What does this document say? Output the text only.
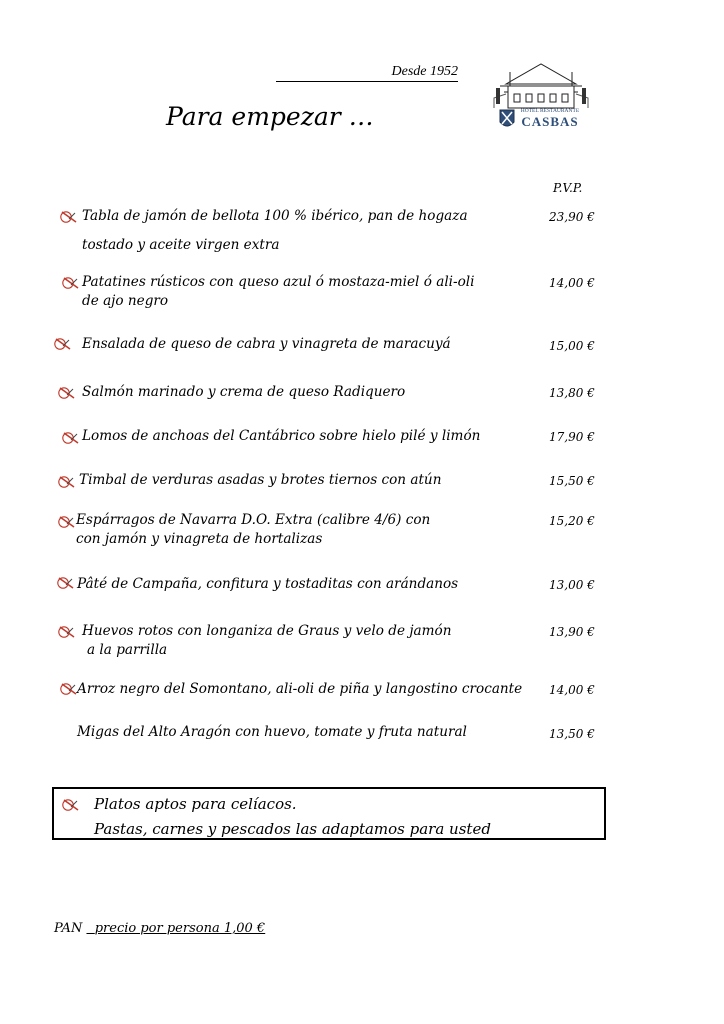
Desde 1952
Para empezar …	HOTEL RESTAURANTE
CASBAS
P.V.P.
Tabla de jamón de bellota 100 % ibérico, pan de hogaza
tostado y aceite virgen extra
23,90 €
Patatines rústicos con queso azul ó mostaza-miel ó ali-oli
de ajo negro
14,00 €
Ensalada de queso de cabra y vinagreta de maracuyá	15,00 €
Salmón marinado y crema de queso Radiquero	13,80 €
Lomos de anchoas del Cantábrico sobre hielo pilé y limón	17,90 €
Timbal de verduras asadas y brotes tiernos con atún	15,50 €
Espárragos de Navarra D.O. Extra (calibre 4/6) con
con jamón y vinagreta de hortalizas
15,20 €
Pâté de Campaña, confitura y tostaditas con arándanos	13,00 €
Huevos rotos con longaniza de Graus y velo de jamón
a la parrilla
13,90 €
Arroz negro del Somontano, ali-oli de piña y langostino crocante 14,00 €
Migas del Alto Aragón con huevo, tomate y fruta natural	13,50 €
Platos aptos para celíacos.
Pastas, carnes y pescados las adaptamos para usted
PAN precio por persona 1,00 €
